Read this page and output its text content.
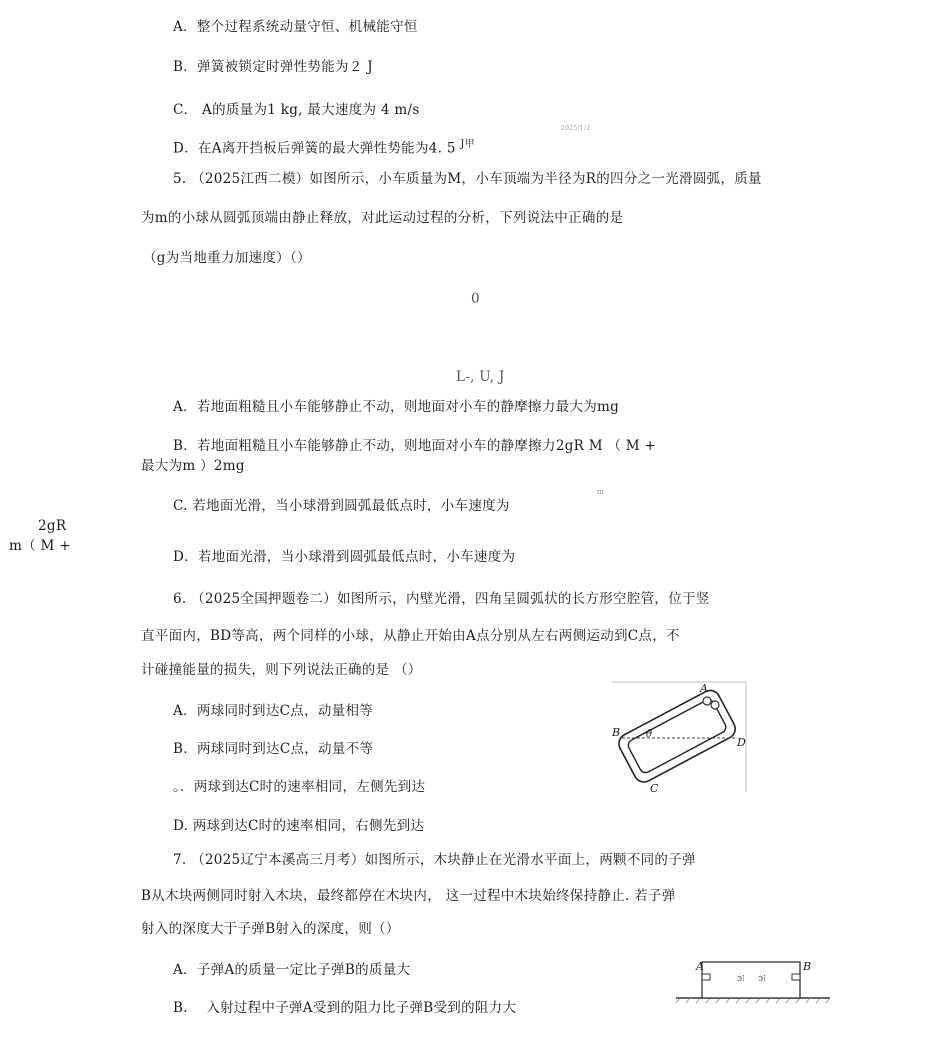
A．整个过程系统动量守恒、机械能守恒
B．弹簧被锁定时弹性势能为２ J
C． A的质量为1 kg, 最大速度为 4 m/s
2025/1/2
D．在A离开挡板后弹簧的最大弹性势能为4. 5 $^{J甲}$
5. （2025江西二模）如图所示，小车质量为M，小车顶端为半径为R的四分之一光滑圆弧，质量
为m的小球从圆弧顶端由静止释放，对此运动过程的分析，下列说法中正确的是
（g为当地重力加速度）（）
0
L-, U, J
A．若地面粗糙且小车能够静止不动，则地面对小车的静摩擦力最大为mg
B．若地面粗糙且小车能够静止不动，则地面对小车的静摩擦力2gR M （ M +
最大为m ）2mg
m
C. 若地面光滑，当小球滑到圆弧最低点时，小车速度为
2gR
m（ M +
D．若地面光滑，当小球滑到圆弧最低点时，小车速度为
6. （2025全国押题卷二）如图所示，内壁光滑，四角呈圆弧状的长方形空腔管，位于竖
直平面内，BD等高，两个同样的小球，从静止开始由A点分别从左右两侧运动到C点，不
计碰撞能量的损失，则下列说法正确的是 （）
A．两球同时到达C点，动量相等
B．两球同时到达C点，动量不等
。．两球到达C时的速率相同，左侧先到达
D. 两球到达C时的速率相同，右侧先到达
A
B
C
D
θ
7. （2025辽宁本溪高三月考）如图所示，木块静止在光滑水平面上，两颗不同的子弹
B从木块两侧同时射入木块，最终都停在木块内， 这一过程中木块始终保持静止. 若子弹
射入的深度大于子弹B射入的深度，则（）
A．子弹A的质量一定比子弹B的质量大
B.　 入射过程中子弹A受到的阻力比子弹B受到的阻力大
ↄ⁝ ↄ⁝
A	B
